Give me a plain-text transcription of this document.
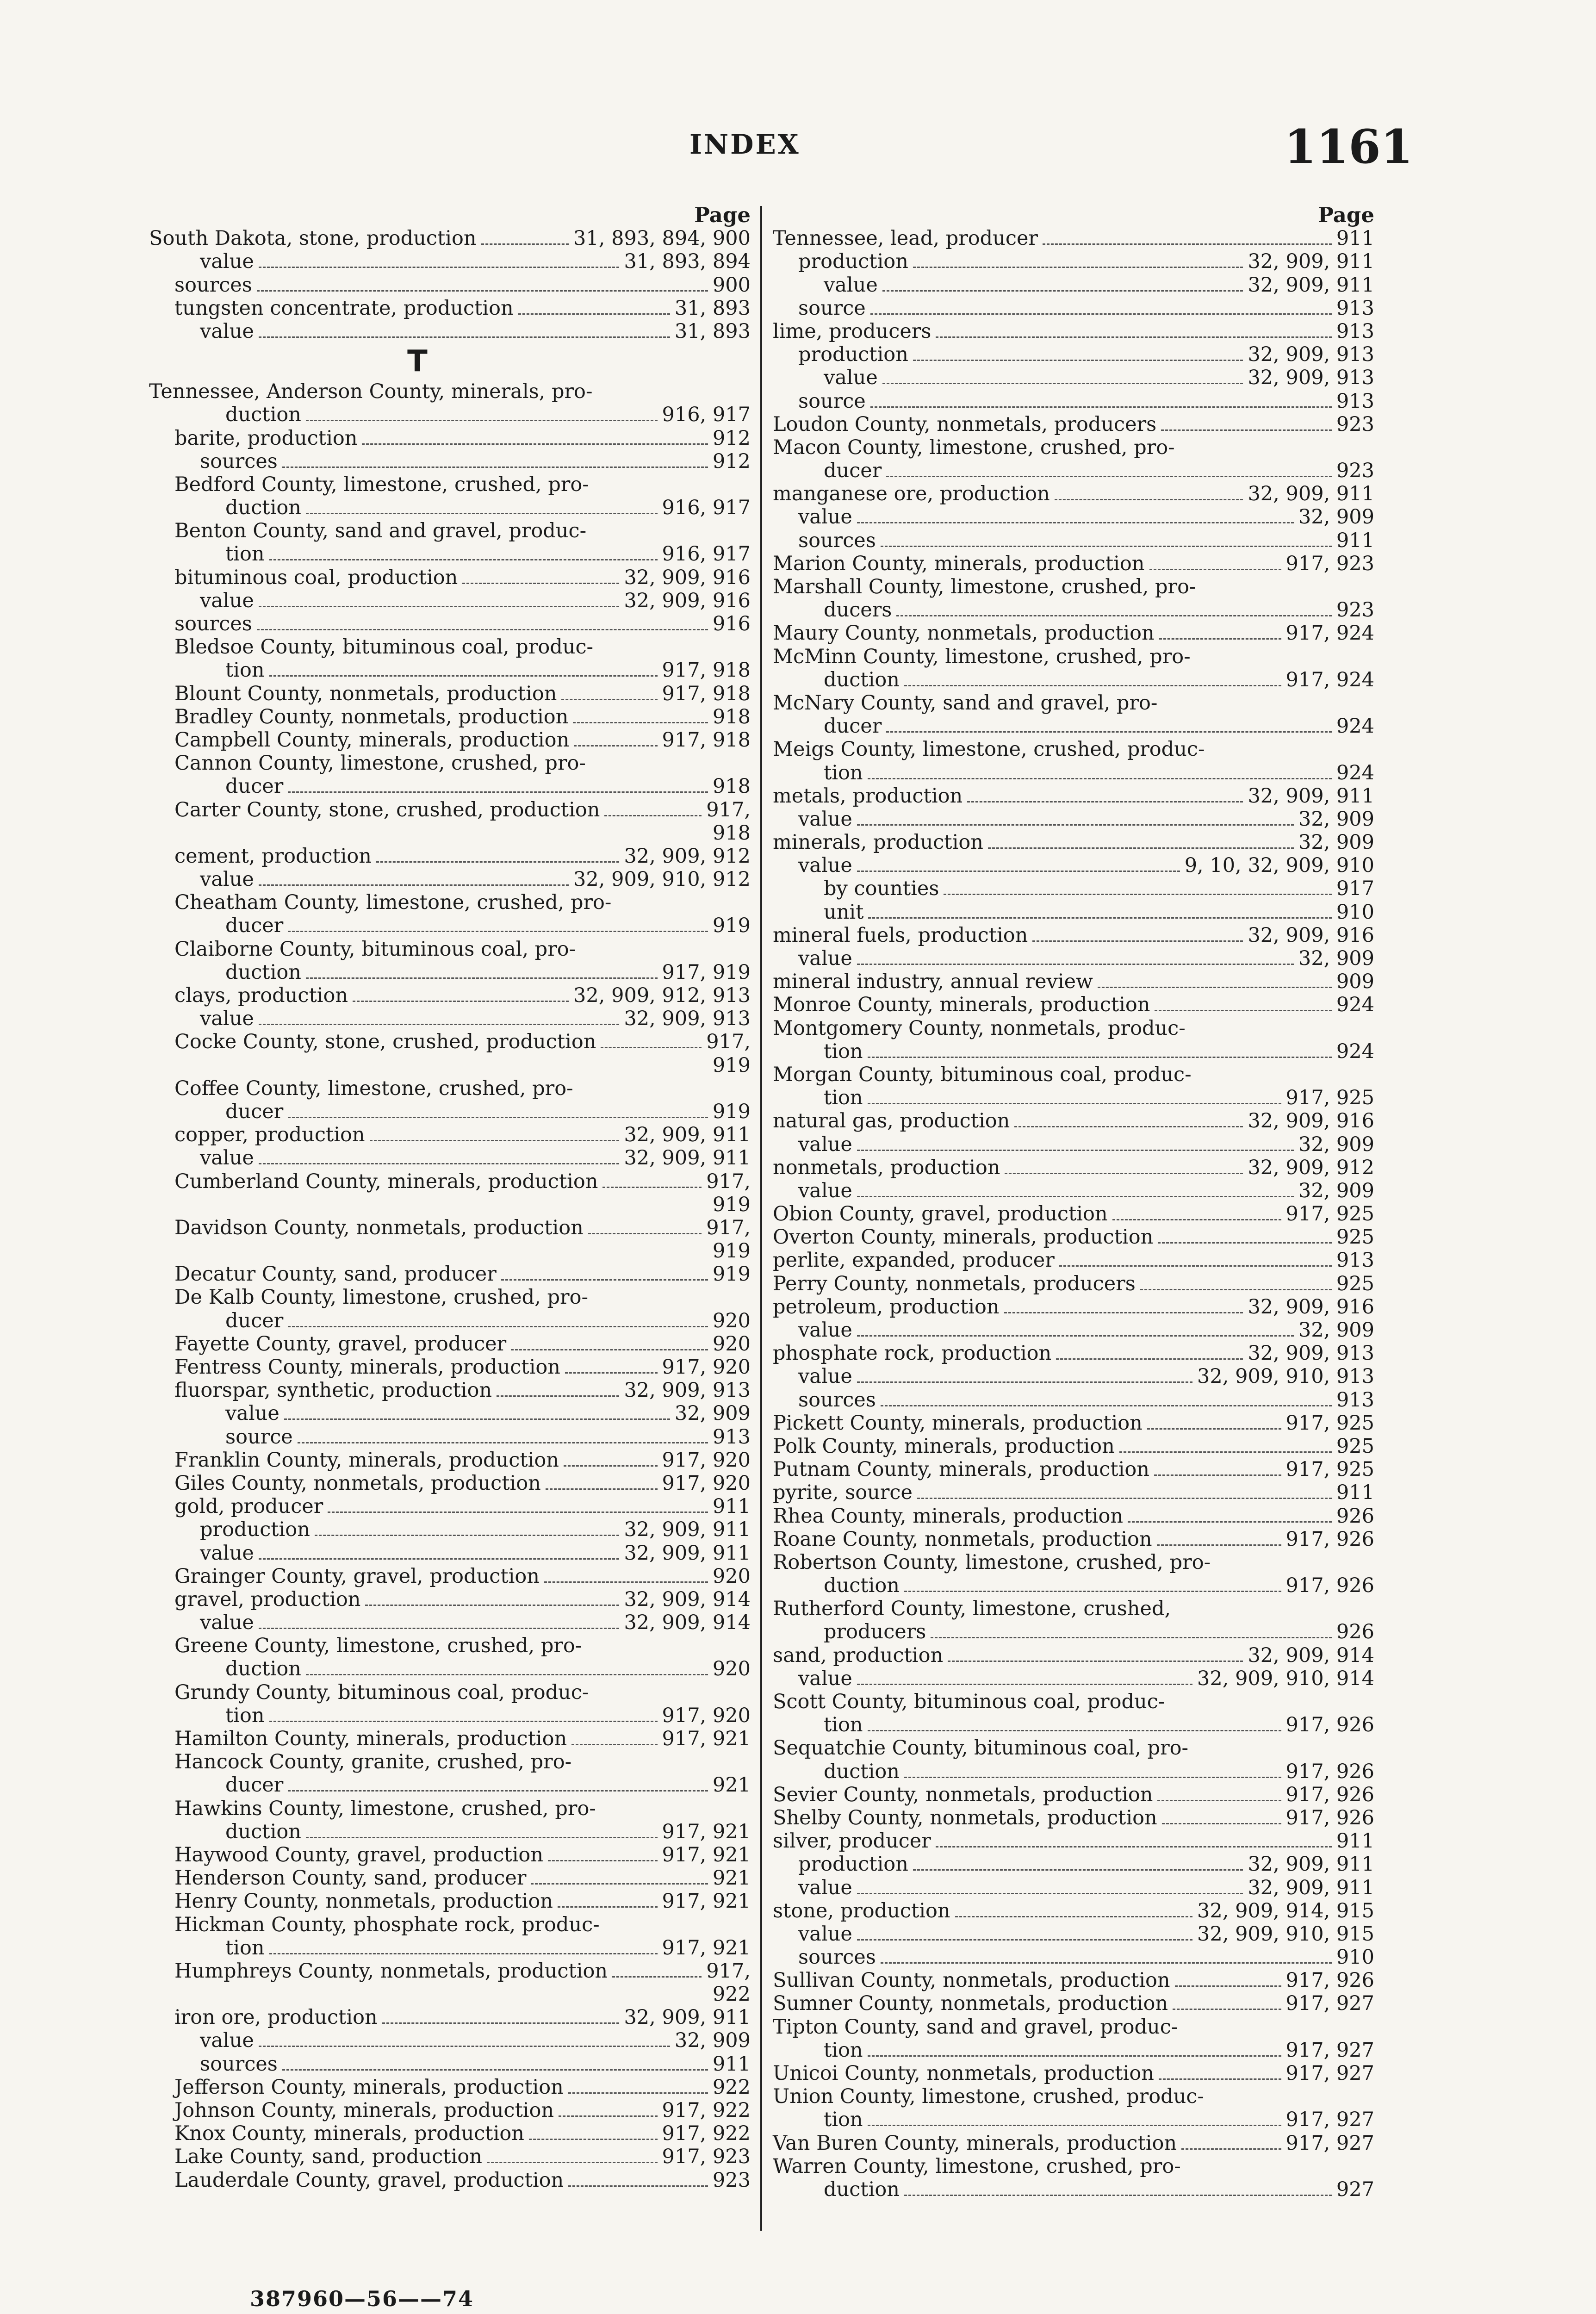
INDEX	1161
Page
South Dakota, stone, production	31, 893, 894, 900
value	31, 893, 894
sources	900
tungsten concentrate, production	31, 893
value	31, 893
T
Tennessee, Anderson County, minerals, pro-
duction	916, 917
barite, production	912
sources	912
Bedford County, limestone, crushed, pro-
duction	916, 917
Benton County, sand and gravel, produc-
tion	916, 917
bituminous coal, production	32, 909, 916
value	32, 909, 916
sources	916
Bledsoe County, bituminous coal, produc-
tion	917, 918
Blount County, nonmetals, production	917, 918
Bradley County, nonmetals, production	918
Campbell County, minerals, production	917, 918
Cannon County, limestone, crushed, pro-
ducer	918
Carter County, stone, crushed, production	917,
918
cement, production	32, 909, 912
value	32, 909, 910, 912
Cheatham County, limestone, crushed, pro-
ducer	919
Claiborne County, bituminous coal, pro-
duction	917, 919
clays, production	32, 909, 912, 913
value	32, 909, 913
Cocke County, stone, crushed, production	917,
919
Coffee County, limestone, crushed, pro-
ducer	919
copper, production	32, 909, 911
value	32, 909, 911
Cumberland County, minerals, production	917,
919
Davidson County, nonmetals, production	917,
919
Decatur County, sand, producer	919
De Kalb County, limestone, crushed, pro-
ducer	920
Fayette County, gravel, producer	920
Fentress County, minerals, production	917, 920
fluorspar, synthetic, production	32, 909, 913
value	32, 909
source	913
Franklin County, minerals, production	917, 920
Giles County, nonmetals, production	917, 920
gold, producer	911
production	32, 909, 911
value	32, 909, 911
Grainger County, gravel, production	920
gravel, production	32, 909, 914
value	32, 909, 914
Greene County, limestone, crushed, pro-
duction	920
Grundy County, bituminous coal, produc-
tion	917, 920
Hamilton County, minerals, production	917, 921
Hancock County, granite, crushed, pro-
ducer	921
Hawkins County, limestone, crushed, pro-
duction	917, 921
Haywood County, gravel, production	917, 921
Henderson County, sand, producer	921
Henry County, nonmetals, production	917, 921
Hickman County, phosphate rock, produc-
tion	917, 921
Humphreys County, nonmetals, production	917,
922
iron ore, production	32, 909, 911
value	32, 909
sources	911
Jefferson County, minerals, production	922
Johnson County, minerals, production	917, 922
Knox County, minerals, production	917, 922
Lake County, sand, production	917, 923
Lauderdale County, gravel, production	923
Page
Tennessee, lead, producer	911
production	32, 909, 911
value	32, 909, 911
source	913
lime, producers	913
production	32, 909, 913
value	32, 909, 913
source	913
Loudon County, nonmetals, producers	923
Macon County, limestone, crushed, pro-
ducer	923
manganese ore, production	32, 909, 911
value	32, 909
sources	911
Marion County, minerals, production	917, 923
Marshall County, limestone, crushed, pro-
ducers	923
Maury County, nonmetals, production	917, 924
McMinn County, limestone, crushed, pro-
duction	917, 924
McNary County, sand and gravel, pro-
ducer	924
Meigs County, limestone, crushed, produc-
tion	924
metals, production	32, 909, 911
value	32, 909
minerals, production	32, 909
value	9, 10, 32, 909, 910
by counties	917
unit	910
mineral fuels, production	32, 909, 916
value	32, 909
mineral industry, annual review	909
Monroe County, minerals, production	924
Montgomery County, nonmetals, produc-
tion	924
Morgan County, bituminous coal, produc-
tion	917, 925
natural gas, production	32, 909, 916
value	32, 909
nonmetals, production	32, 909, 912
value	32, 909
Obion County, gravel, production	917, 925
Overton County, minerals, production	925
perlite, expanded, producer	913
Perry County, nonmetals, producers	925
petroleum, production	32, 909, 916
value	32, 909
phosphate rock, production	32, 909, 913
value	32, 909, 910, 913
sources	913
Pickett County, minerals, production	917, 925
Polk County, minerals, production	925
Putnam County, minerals, production	917, 925
pyrite, source	911
Rhea County, minerals, production	926
Roane County, nonmetals, production	917, 926
Robertson County, limestone, crushed, pro-
duction	917, 926
Rutherford County, limestone, crushed,
producers	926
sand, production	32, 909, 914
value	32, 909, 910, 914
Scott County, bituminous coal, produc-
tion	917, 926
Sequatchie County, bituminous coal, pro-
duction	917, 926
Sevier County, nonmetals, production	917, 926
Shelby County, nonmetals, production	917, 926
silver, producer	911
production	32, 909, 911
value	32, 909, 911
stone, production	32, 909, 914, 915
value	32, 909, 910, 915
sources	910
Sullivan County, nonmetals, production	917, 926
Sumner County, nonmetals, production	917, 927
Tipton County, sand and gravel, produc-
tion	917, 927
Unicoi County, nonmetals, production	917, 927
Union County, limestone, crushed, produc-
tion	917, 927
Van Buren County, minerals, production	917, 927
Warren County, limestone, crushed, pro-
duction	927
387960—56——74
